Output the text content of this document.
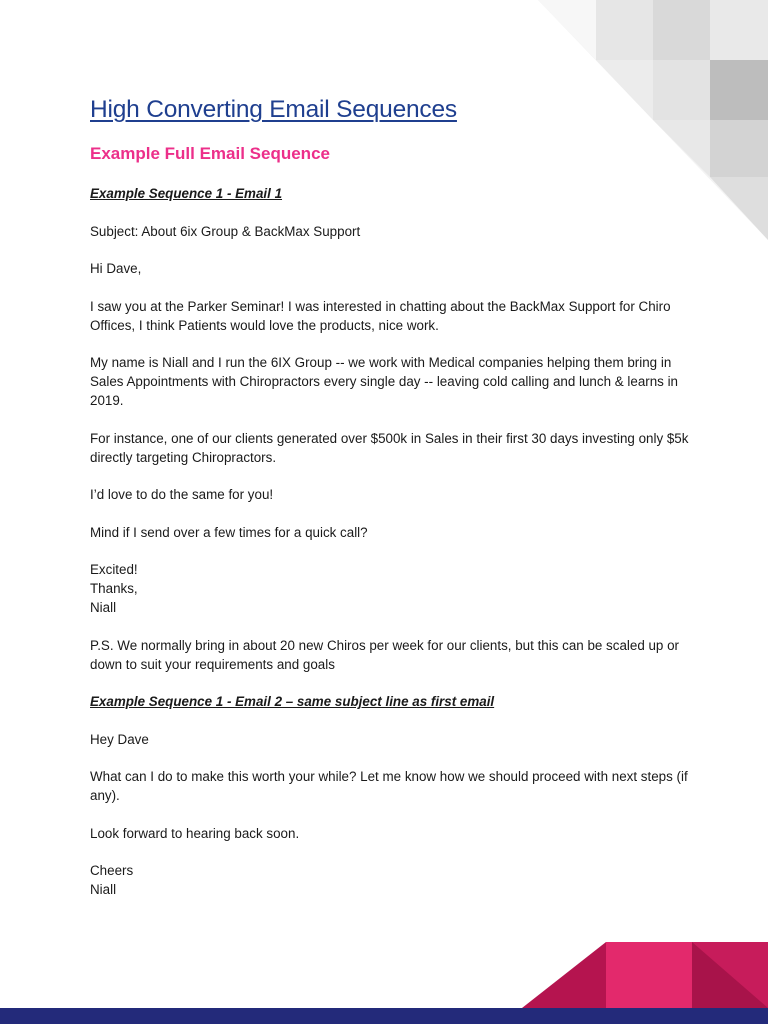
High Converting Email Sequences
Example Full Email Sequence

Example Sequence 1 - Email 1

Subject: About 6ix Group & BackMax Support

Hi Dave,

I saw you at the Parker Seminar! I was interested in chatting about the BackMax Support for Chiro Offices, I think Patients would love the products, nice work.

My name is Niall and I run the 6IX Group -- we work with Medical companies helping them bring in Sales Appointments with Chiropractors every single day -- leaving cold calling and lunch & learns in 2019.

For instance, one of our clients generated over $500k in Sales in their first 30 days investing only $5k directly targeting Chiropractors.

I’d love to do the same for you!

Mind if I send over a few times for a quick call?

Excited!

Thanks,

Niall

P.S. We normally bring in about 20 new Chiros per week for our clients, but this can be scaled up or down to suit your requirements and goals

Example Sequence 1 - Email 2 – same subject line as first email

Hey Dave

What can I do to make this worth your while? Let me know how we should proceed with next steps (if any).

Look forward to hearing back soon.

Cheers

Niall
